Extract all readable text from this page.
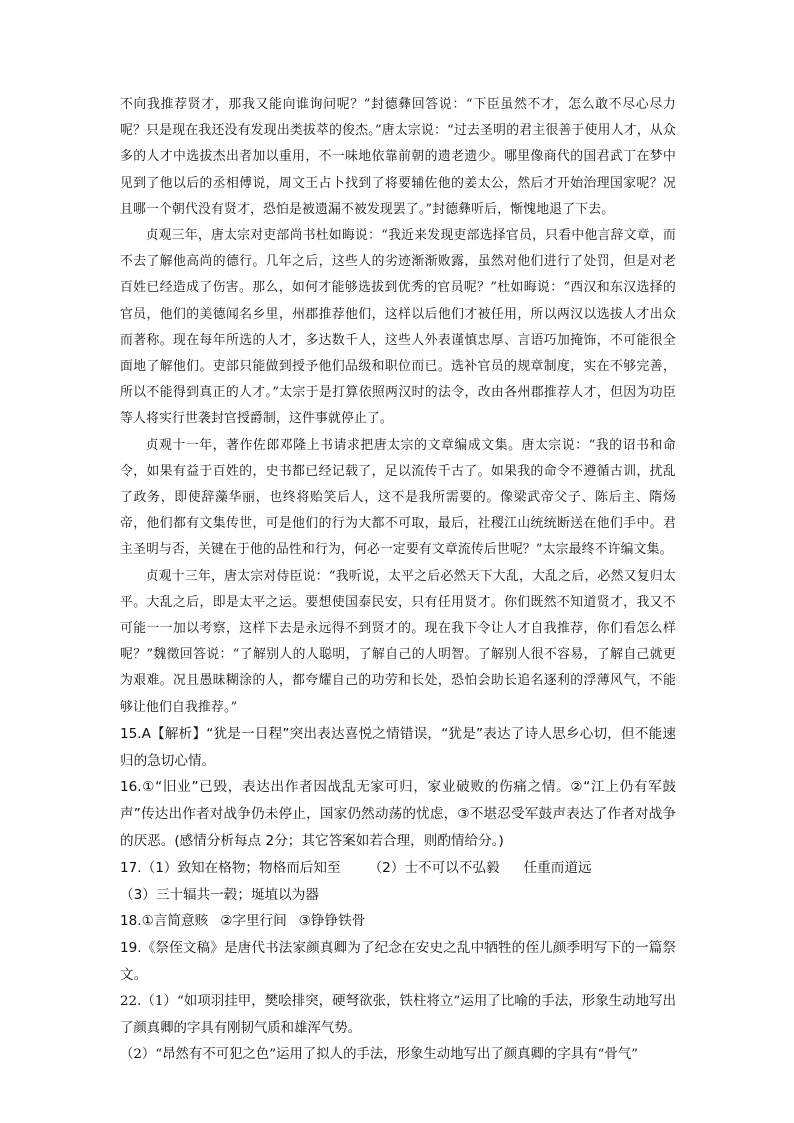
不向我推荐贤才，那我又能向谁询问呢？”封德彝回答说：“下臣虽然不才，怎么敢不尽心尽力呢？只是现在我还没有发现出类拔萃的俊杰。”唐太宗说：“过去圣明的君主很善于使用人才，从众多的人才中选拔杰出者加以重用，不一味地依靠前朝的遗老遗少。哪里像商代的国君武丁在梦中见到了他以后的丞相傅说，周文王占卜找到了将要辅佐他的姜太公，然后才开始治理国家呢？况且哪一个朝代没有贤才，恐怕是被遗漏不被发现罢了。”封德彝听后，惭愧地退了下去。

贞观三年，唐太宗对吏部尚书杜如晦说：“我近来发现吏部选择官员，只看中他言辞文章，而不去了解他高尚的德行。几年之后，这些人的劣迹渐渐败露，虽然对他们进行了处罚，但是对老百姓已经造成了伤害。那么，如何才能够选拔到优秀的官员呢？”杜如晦说：“西汉和东汉选择的官员，他们的美德闻名乡里，州郡推荐他们，这样以后他们才被任用，所以两汉以选拔人才出众而著称。现在每年所选的人才，多达数千人，这些人外表谨慎忠厚、言语巧加掩饰，不可能很全面地了解他们。吏部只能做到授予他们品级和职位而已。选补官员的规章制度，实在不够完善，所以不能得到真正的人才。”太宗于是打算依照两汉时的法令，改由各州郡推荐人才，但因为功臣等人将实行世袭封官授爵制，这件事就停止了。

贞观十一年，著作佐郎邓隆上书请求把唐太宗的文章编成文集。唐太宗说：“我的诏书和命令，如果有益于百姓的，史书都已经记载了，足以流传千古了。如果我的命令不遵循古训，扰乱了政务，即使辞藻华丽，也终将贻笑后人，这不是我所需要的。像梁武帝父子、陈后主、隋炀帝，他们都有文集传世，可是他们的行为大都不可取，最后，社稷江山统统断送在他们手中。君主圣明与否，关键在于他的品性和行为，何必一定要有文章流传后世呢？”太宗最终不许编文集。

贞观十三年，唐太宗对侍臣说：“我听说，太平之后必然天下大乱，大乱之后，必然又复归太平。大乱之后，即是太平之运。要想使国泰民安，只有任用贤才。你们既然不知道贤才，我又不可能一一加以考察，这样下去是永远得不到贤才的。现在我下令让人才自我推荐，你们看怎么样呢？”魏徵回答说：“了解别人的人聪明，了解自己的人明智。了解别人很不容易，了解自己就更为艰难。况且愚昧糊涂的人，都夸耀自己的功劳和长处，恐怕会助长追名逐利的浮薄风气，不能够让他们自我推荐。”

15.A【解析】“犹是一日程”突出表达喜悦之情错误，“犹是”表达了诗人思乡心切，但不能速归的急切心情。

16.①“旧业”已毁，表达出作者因战乱无家可归，家业破败的伤痛之情。②“江上仍有军鼓声”传达出作者对战争仍未停止，国家仍然动荡的忧虑，③不堪忍受军鼓声表达了作者对战争的厌恶。(感情分析每点 2分；其它答案如若合理，则酌情给分。)

17.（1）致知在格物；物格而后知至 （2）士不可以不弘毅 任重而道远

（3）三十辐共一毂；埏埴以为器

18.①言简意赅 ②字里行间 ③铮铮铁骨

19.《祭侄文稿》是唐代书法家颜真卿为了纪念在安史之乱中牺牲的侄儿颜季明写下的一篇祭文。

22.（1）“如项羽挂甲，樊哙排突，硬弩欲张，铁柱将立”运用了比喻的手法，形象生动地写出了颜真卿的字具有刚韧气质和雄浑气势。

（2）“昂然有不可犯之色”运用了拟人的手法，形象生动地写出了颜真卿的字具有“骨气”
